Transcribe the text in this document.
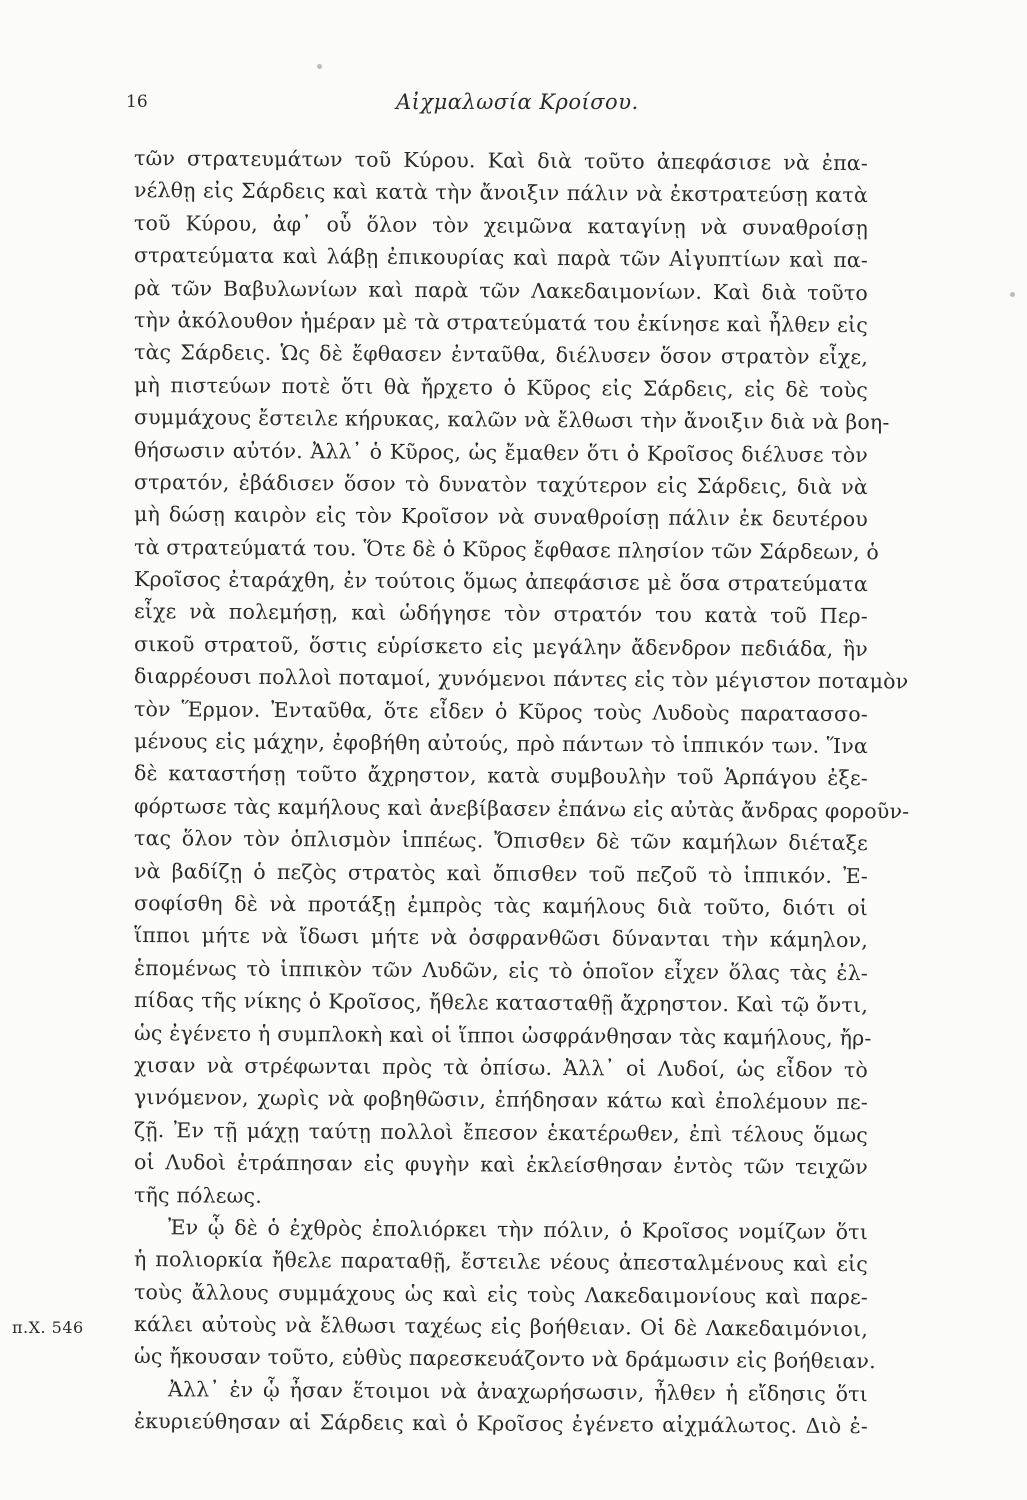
16	Αἰχμαλωσία Κροίσου.
π.Χ. 546
τῶν στρατευμάτων τοῦ Κύρου. Καὶ διὰ τοῦτο ἀπεφάσισε νὰ ἐπα-
νέλθῃ εἰς Σάρδεις καὶ κατὰ τὴν ἄνοιξιν πάλιν νὰ ἐκστρατεύσῃ κατὰ
τοῦ Κύρου, ἀφ᾽ οὗ ὅλον τὸν χειμῶνα καταγίνῃ νὰ συναθροίσῃ
στρατεύματα καὶ λάβῃ ἐπικουρίας καὶ παρὰ τῶν Αἰγυπτίων καὶ πα-
ρὰ τῶν Βαβυλωνίων καὶ παρὰ τῶν Λακεδαιμονίων. Καὶ διὰ τοῦτο
τὴν ἀκόλουθον ἡμέραν μὲ τὰ στρατεύματά του ἐκίνησε καὶ ἦλθεν εἰς
τὰς Σάρδεις. Ὡς δὲ ἔφθασεν ἐνταῦθα, διέλυσεν ὅσον στρατὸν εἶχε,
μὴ πιστεύων ποτὲ ὅτι θὰ ἤρχετο ὁ Κῦρος εἰς Σάρδεις, εἰς δὲ τοὺς
συμμάχους ἔστειλε κήρυκας, καλῶν νὰ ἔλθωσι τὴν ἄνοιξιν διὰ νὰ βοη-
θήσωσιν αὐτόν. Ἀλλ᾽ ὁ Κῦρος, ὡς ἔμαθεν ὅτι ὁ Κροῖσος διέλυσε τὸν
στρατόν, ἐβάδισεν ὅσον τὸ δυνατὸν ταχύτερον εἰς Σάρδεις, διὰ νὰ
μὴ δώσῃ καιρὸν εἰς τὸν Κροῖσον νὰ συναθροίσῃ πάλιν ἐκ δευτέρου
τὰ στρατεύματά του. Ὅτε δὲ ὁ Κῦρος ἔφθασε πλησίον τῶν Σάρδεων, ὁ
Κροῖσος ἐταράχθη, ἐν τούτοις ὅμως ἀπεφάσισε μὲ ὅσα στρατεύματα
εἶχε νὰ πολεμήσῃ, καὶ ὡδήγησε τὸν στρατόν του κατὰ τοῦ Περ-
σικοῦ στρατοῦ, ὅστις εὑρίσκετο εἰς μεγάλην ἄδενδρον πεδιάδα, ἣν
διαρρέουσι πολλοὶ ποταμοί, χυνόμενοι πάντες εἰς τὸν μέγιστον ποταμὸν
τὸν Ἕρμον. Ἐνταῦθα, ὅτε εἶδεν ὁ Κῦρος τοὺς Λυδοὺς παρατασσο-
μένους εἰς μάχην, ἐφοβήθη αὐτούς, πρὸ πάντων τὸ ἱππικόν των. Ἵνα
δὲ καταστήσῃ τοῦτο ἄχρηστον, κατὰ συμβουλὴν τοῦ Ἁρπάγου ἐξε-
φόρτωσε τὰς καμήλους καὶ ἀνεβίβασεν ἐπάνω εἰς αὐτὰς ἄνδρας φοροῦν-
τας ὅλον τὸν ὁπλισμὸν ἱππέως. Ὄπισθεν δὲ τῶν καμήλων διέταξε
νὰ βαδίζῃ ὁ πεζὸς στρατὸς καὶ ὄπισθεν τοῦ πεζοῦ τὸ ἱππικόν. Ἐ-
σοφίσθη δὲ νὰ προτάξῃ ἐμπρὸς τὰς καμήλους διὰ τοῦτο, διότι οἱ
ἵπποι μήτε νὰ ἴδωσι μήτε νὰ ὀσφρανθῶσι δύνανται τὴν κάμηλον,
ἑπομένως τὸ ἱππικὸν τῶν Λυδῶν, εἰς τὸ ὁποῖον εἶχεν ὅλας τὰς ἐλ-
πίδας τῆς νίκης ὁ Κροῖσος, ἤθελε κατασταθῇ ἄχρηστον. Καὶ τῷ ὄντι,
ὡς ἐγένετο ἡ συμπλοκὴ καὶ οἱ ἵπποι ὠσφράνθησαν τὰς καμήλους, ἤρ-
χισαν νὰ στρέφωνται πρὸς τὰ ὀπίσω. Ἀλλ᾽ οἱ Λυδοί, ὡς εἶδον τὸ
γινόμενον, χωρὶς νὰ φοβηθῶσιν, ἐπήδησαν κάτω καὶ ἐπολέμουν πε-
ζῇ. Ἐν τῇ μάχῃ ταύτῃ πολλοὶ ἔπεσον ἑκατέρωθεν, ἐπὶ τέλους ὅμως
οἱ Λυδοὶ ἐτράπησαν εἰς φυγὴν καὶ ἐκλείσθησαν ἐντὸς τῶν τειχῶν
τῆς πόλεως.
Ἐν ᾧ δὲ ὁ ἐχθρὸς ἐπολιόρκει τὴν πόλιν, ὁ Κροῖσος νομίζων ὅτι
ἡ πολιορκία ἤθελε παραταθῇ, ἔστειλε νέους ἀπεσταλμένους καὶ εἰς
τοὺς ἄλλους συμμάχους ὡς καὶ εἰς τοὺς Λακεδαιμονίους καὶ παρε-
κάλει αὐτοὺς νὰ ἔλθωσι ταχέως εἰς βοήθειαν. Οἱ δὲ Λακεδαιμόνιοι,
ὡς ἤκουσαν τοῦτο, εὐθὺς παρεσκευάζοντο νὰ δράμωσιν εἰς βοήθειαν.
Ἀλλ᾽ ἐν ᾧ ἦσαν ἕτοιμοι νὰ ἀναχωρήσωσιν, ἦλθεν ἡ εἴδησις ὅτι
ἐκυριεύθησαν αἱ Σάρδεις καὶ ὁ Κροῖσος ἐγένετο αἰχμάλωτος. Διὸ ἐ-
